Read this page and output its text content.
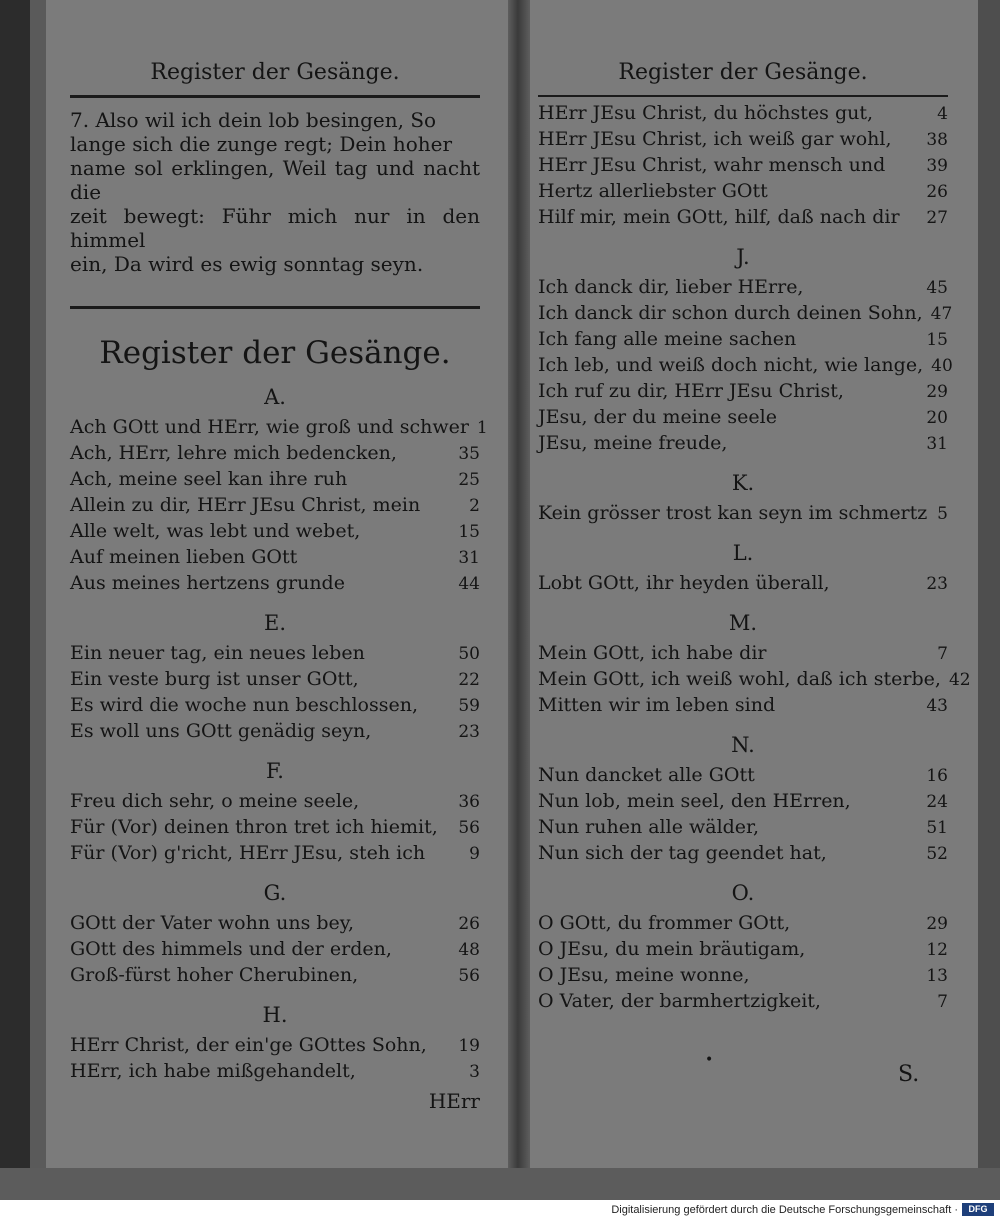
Register der Gesänge.
7. Also wil ich dein lob besingen, So
lange sich die zunge regt; Dein hoher
name sol erklingen, Weil tag und nacht die
zeit bewegt: Führ mich nur in den himmel
ein, Da wird es ewig sonntag seyn.
Register der Gesänge.
A.
Ach GOtt und HErr, wie groß und schwer 1
Ach, HErr, lehre mich bedencken,	35
Ach, meine seel kan ihre ruh	25
Allein zu dir, HErr JEsu Christ, mein	2
Alle welt, was lebt und webet,	15
Auf meinen lieben GOtt	31
Aus meines hertzens grunde	44
E.
Ein neuer tag, ein neues leben	50
Ein veste burg ist unser GOtt,	22
Es wird die woche nun beschlossen,	59
Es woll uns GOtt genädig seyn,	23
F.
Freu dich sehr, o meine seele,	36
Für (Vor) deinen thron tret ich hiemit,	56
Für (Vor) g'richt, HErr JEsu, steh ich	9
G.
GOtt der Vater wohn uns bey,	26
GOtt des himmels und der erden,	48
Groß-fürst hoher Cherubinen,	56
H.
HErr Christ, der ein'ge GOttes Sohn,	19
HErr, ich habe mißgehandelt,	3
HErr
Register der Gesänge.
HErr JEsu Christ, du höchstes gut,	4
HErr JEsu Christ, ich weiß gar wohl,	38
HErr JEsu Christ, wahr mensch und	39
Hertz allerliebster GOtt	26
Hilf mir, mein GOtt, hilf, daß nach dir	27
J.
Ich danck dir, lieber HErre,	45
Ich danck dir schon durch deinen Sohn, 47
Ich fang alle meine sachen	15
Ich leb, und weiß doch nicht, wie lange, 40
Ich ruf zu dir, HErr JEsu Christ,	29
JEsu, der du meine seele	20
JEsu, meine freude,	31
K.
Kein grösser trost kan seyn im schmertz 5
L.
Lobt GOtt, ihr heyden überall,	23
M.
Mein GOtt, ich habe dir	7
Mein GOtt, ich weiß wohl, daß ich sterbe, 42
Mitten wir im leben sind	43
N.
Nun dancket alle GOtt	16
Nun lob, mein seel, den HErren,	24
Nun ruhen alle wälder,	51
Nun sich der tag geendet hat,	52
O.
O GOtt, du frommer GOtt,	29
O JEsu, du mein bräutigam,	12
O JEsu, meine wonne,	13
O Vater, der barmhertzigkeit,	7
•
S.
Digitalisierung gefördert durch die Deutsche Forschungsgemeinschaft ·	DFG
